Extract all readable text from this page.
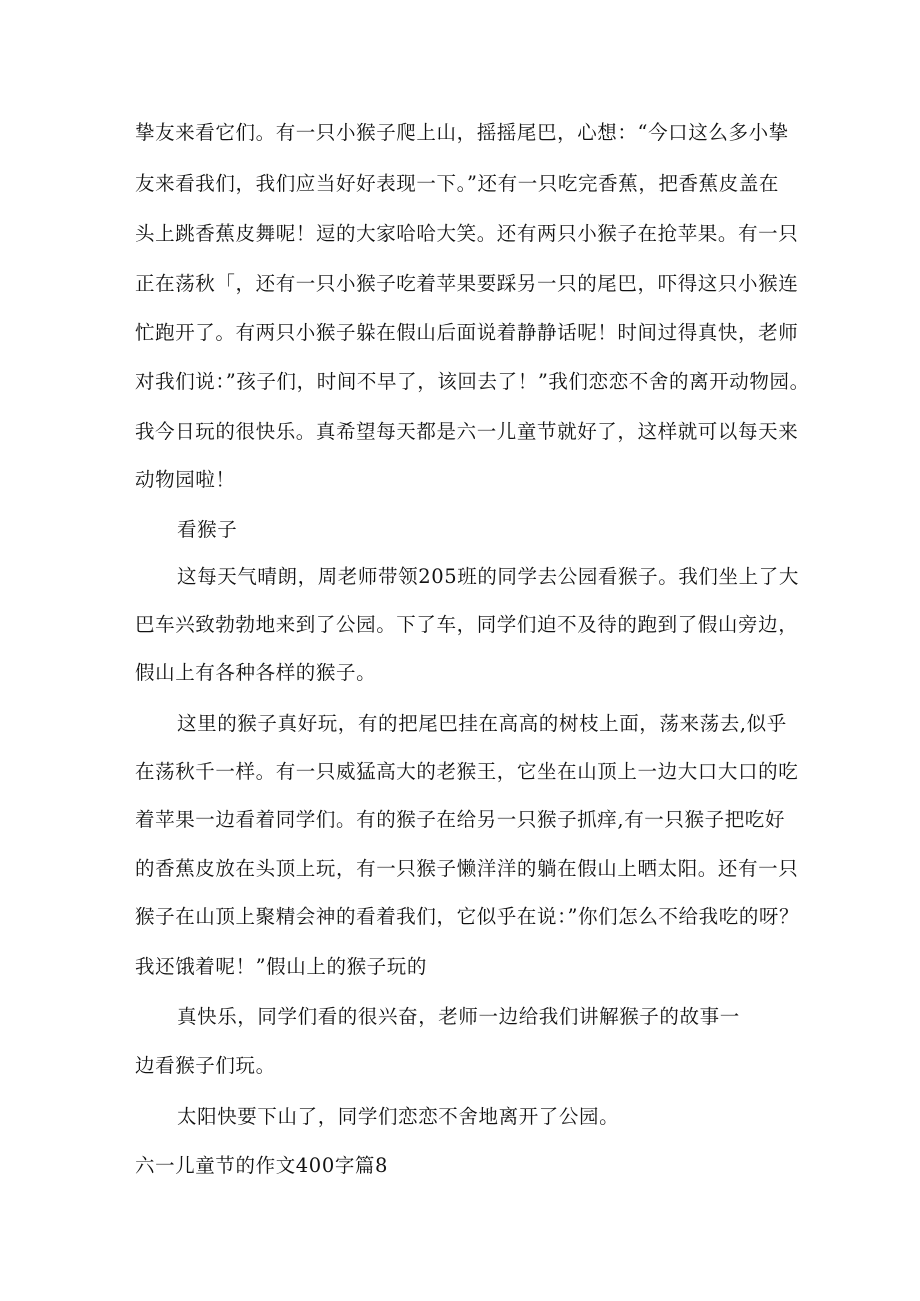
挚友来看它们。有一只小猴子爬上山，摇摇尾巴，心想：“今口这么多小挚
友来看我们，我们应当好好表现一下。”还有一只吃完香蕉，把香蕉皮盖在
头上跳香蕉皮舞呢！逗的大家哈哈大笑。还有两只小猴子在抢苹果。有一只
正在荡秋「，还有一只小猴子吃着苹果要踩另一只的尾巴，吓得这只小猴连
忙跑开了。有两只小猴子躲在假山后面说着静静话呢！时间过得真快，老师
对我们说：”孩子们，时间不早了，该回去了！”我们恋恋不舍的离开动物园。
我今日玩的很快乐。真希望每天都是六一儿童节就好了，这样就可以每天来
动物园啦！
看猴子
这每天气晴朗，周老师带领205班的同学去公园看猴子。我们坐上了大
巴车兴致勃勃地来到了公园。下了车，同学们迫不及待的跑到了假山旁边，
假山上有各种各样的猴子。
这里的猴子真好玩，有的把尾巴挂在高高的树枝上面，荡来荡去,似乎
在荡秋千一样。有一只威猛高大的老猴王，它坐在山顶上一边大口大口的吃
着苹果一边看着同学们。有的猴子在给另一只猴子抓痒,有一只猴子把吃好
的香蕉皮放在头顶上玩，有一只猴子懒洋洋的躺在假山上晒太阳。还有一只
猴子在山顶上聚精会神的看着我们，它似乎在说：”你们怎么不给我吃的呀？
我还饿着呢！”假山上的猴子玩的
真快乐，同学们看的很兴奋，老师一边给我们讲解猴子的故事一
边看猴子们玩。
太阳快要下山了，同学们恋恋不舍地离开了公园。
六一儿童节的作文400字篇8
